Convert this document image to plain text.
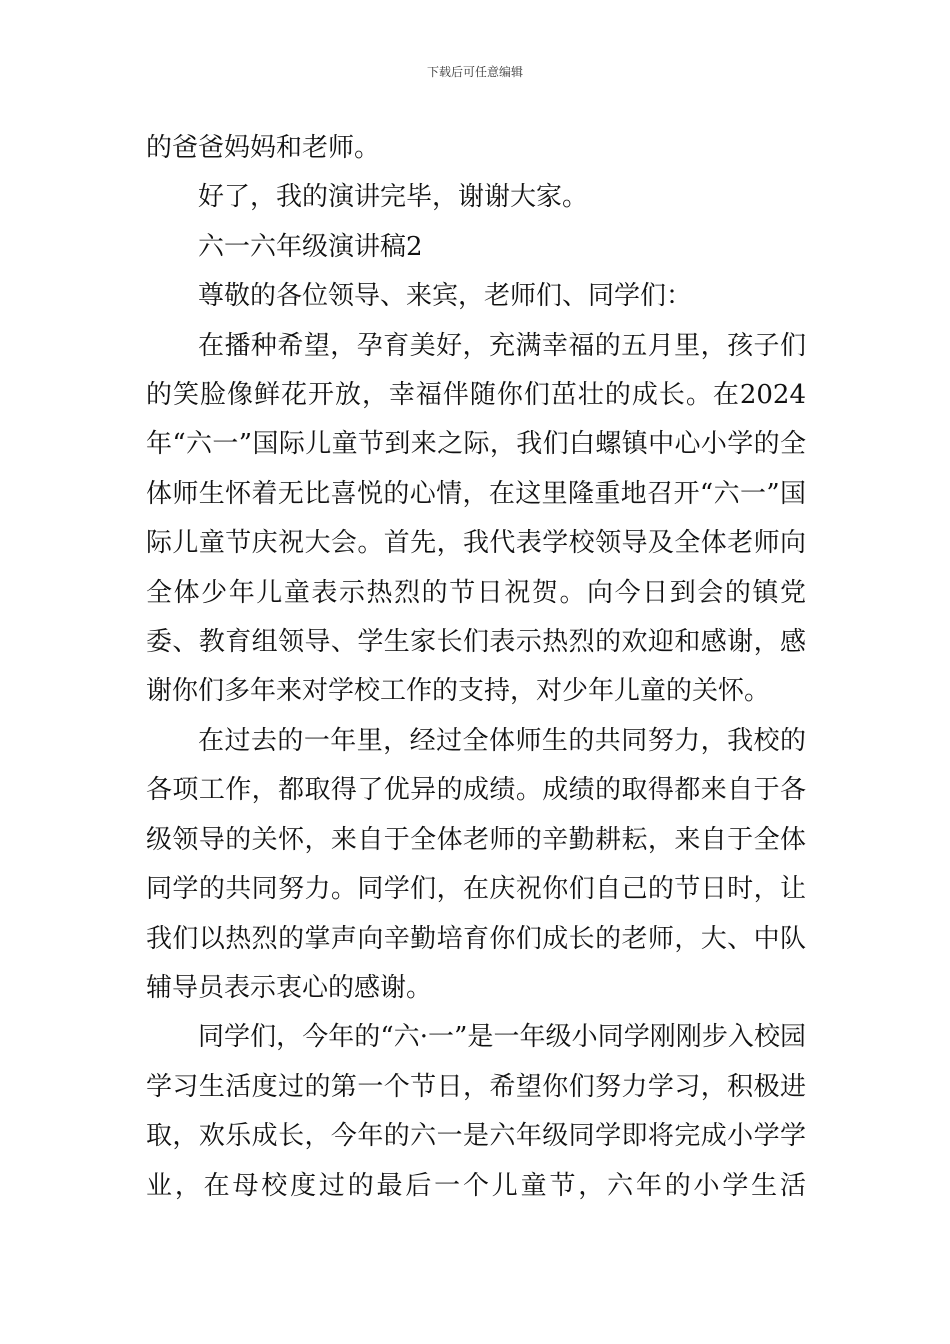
下载后可任意编辑

的爸爸妈妈和老师。

好了，我的演讲完毕，谢谢大家。

六一六年级演讲稿2

尊敬的各位领导、来宾，老师们、同学们：

在播种希望，孕育美好，充满幸福的五月里，孩子们的笑脸像鲜花开放，幸福伴随你们茁壮的成长。在2024年“六一”国际儿童节到来之际，我们白螺镇中心小学的全体师生怀着无比喜悦的心情，在这里隆重地召开“六一”国际儿童节庆祝大会。首先，我代表学校领导及全体老师向全体少年儿童表示热烈的节日祝贺。向今日到会的镇党委、教育组领导、学生家长们表示热烈的欢迎和感谢，感谢你们多年来对学校工作的支持，对少年儿童的关怀。

在过去的一年里，经过全体师生的共同努力，我校的各项工作，都取得了优异的成绩。成绩的取得都来自于各级领导的关怀，来自于全体老师的辛勤耕耘，来自于全体同学的共同努力。同学们，在庆祝你们自己的节日时，让我们以热烈的掌声向辛勤培育你们成长的老师，大、中队辅导员表示衷心的感谢。

同学们，今年的“六·一”是一年级小同学刚刚步入校园学习生活度过的第一个节日，希望你们努力学习，积极进取，欢乐成长，今年的六一是六年级同学即将完成小学学业，在母校度过的最后一个儿童节，六年的小学生活
